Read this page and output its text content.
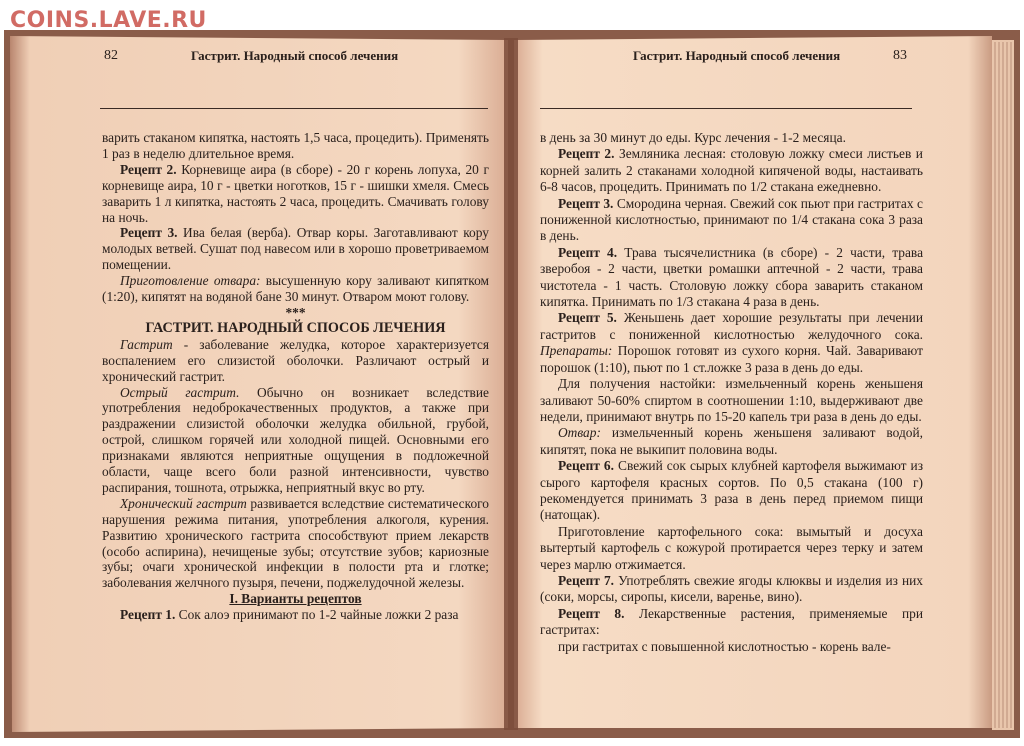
COINS.LAVE.RU
82	Гастрит. Народный способ лечения

варить стаканом кипятка, настоять 1,5 часа, процедить). Применять 1 раз в неделю длительное время.

Рецепт 2. Корневище аира (в сборе) - 20 г корень лопуха, 20 г корневище аира, 10 г - цветки ноготков, 15 г - шишки хмеля. Смесь заварить 1 л кипятка, настоять 2 часа, процедить. Смачивать голову на ночь.

Рецепт 3. Ива белая (верба). Отвар коры. Заготавливают кору молодых ветвей. Сушат под навесом или в хорошо проветриваемом помещении.

Приготовление отвара: высушенную кору заливают кипятком (1:20), кипятят на водяной бане 30 минут. Отваром моют голову.

***

ГАСТРИТ. НАРОДНЫЙ СПОСОБ ЛЕЧЕНИЯ

Гастрит - заболевание желудка, которое характеризуется воспалением его слизистой оболочки. Различают острый и хронический гастрит.

Острый гастрит. Обычно он возникает вследствие употребления недоброкачественных продуктов, а также при раздражении слизистой оболочки желудка обильной, грубой, острой, слишком горячей или холодной пищей. Основными его признаками являются неприятные ощущения в подложечной области, чаще всего боли разной интенсивности, чувство распирания, тошнота, отрыжка, неприятный вкус во рту.

Хронический гастрит развивается вследствие систематического нарушения режима питания, употребления алкоголя, курения. Развитию хронического гастрита способствуют прием лекарств (особо аспирина), нечищеные зубы; отсутствие зубов; кариозные зубы; очаги хронической инфекции в полости рта и глотке; заболевания желчного пузыря, печени, поджелудочной железы.

I. Варианты рецептов

Рецепт 1. Сок алоэ принимают по 1-2 чайные ложки 2 раза

Гастрит. Народный способ лечения	83

в день за 30 минут до еды. Курс лечения - 1-2 месяца.

Рецепт 2. Земляника лесная: столовую ложку смеси листьев и корней залить 2 стаканами холодной кипяченой воды, настаивать 6-8 часов, процедить. Принимать по 1/2 стакана ежедневно.

Рецепт 3. Смородина черная. Свежий сок пьют при гастритах с пониженной кислотностью, принимают по 1/4 стакана сока 3 раза в день.

Рецепт 4. Трава тысячелистника (в сборе) - 2 части, трава зверобоя - 2 части, цветки ромашки аптечной - 2 части, трава чистотела - 1 часть. Столовую ложку сбора заварить стаканом кипятка. Принимать по 1/3 стакана 4 раза в день.

Рецепт 5. Женьшень дает хорошие результаты при лечении гастритов с пониженной кислотностью желудочного сока. Препараты: Порошок готовят из сухого корня. Чай. Заваривают порошок (1:10), пьют по 1 ст.ложке 3 раза в день до еды.

Для получения настойки: измельченный корень женьшеня заливают 50-60% спиртом в соотношении 1:10, выдерживают две недели, принимают внутрь по 15-20 капель три раза в день до еды.

Отвар: измельченный корень женьшеня заливают водой, кипятят, пока не выкипит половина воды.

Рецепт 6. Свежий сок сырых клубней картофеля выжимают из сырого картофеля красных сортов. По 0,5 стакана (100 г) рекомендуется принимать 3 раза в день перед приемом пищи (натощак).

Приготовление картофельного сока: вымытый и досуха вытертый картофель с кожурой протирается через терку и затем через марлю отжимается.

Рецепт 7. Употреблять свежие ягоды клюквы и изделия из них (соки, морсы, сиропы, кисели, варенье, вино).

Рецепт 8. Лекарственные растения, применяемые при гастритах:

при гастритах с повышенной кислотностью - корень вале-
